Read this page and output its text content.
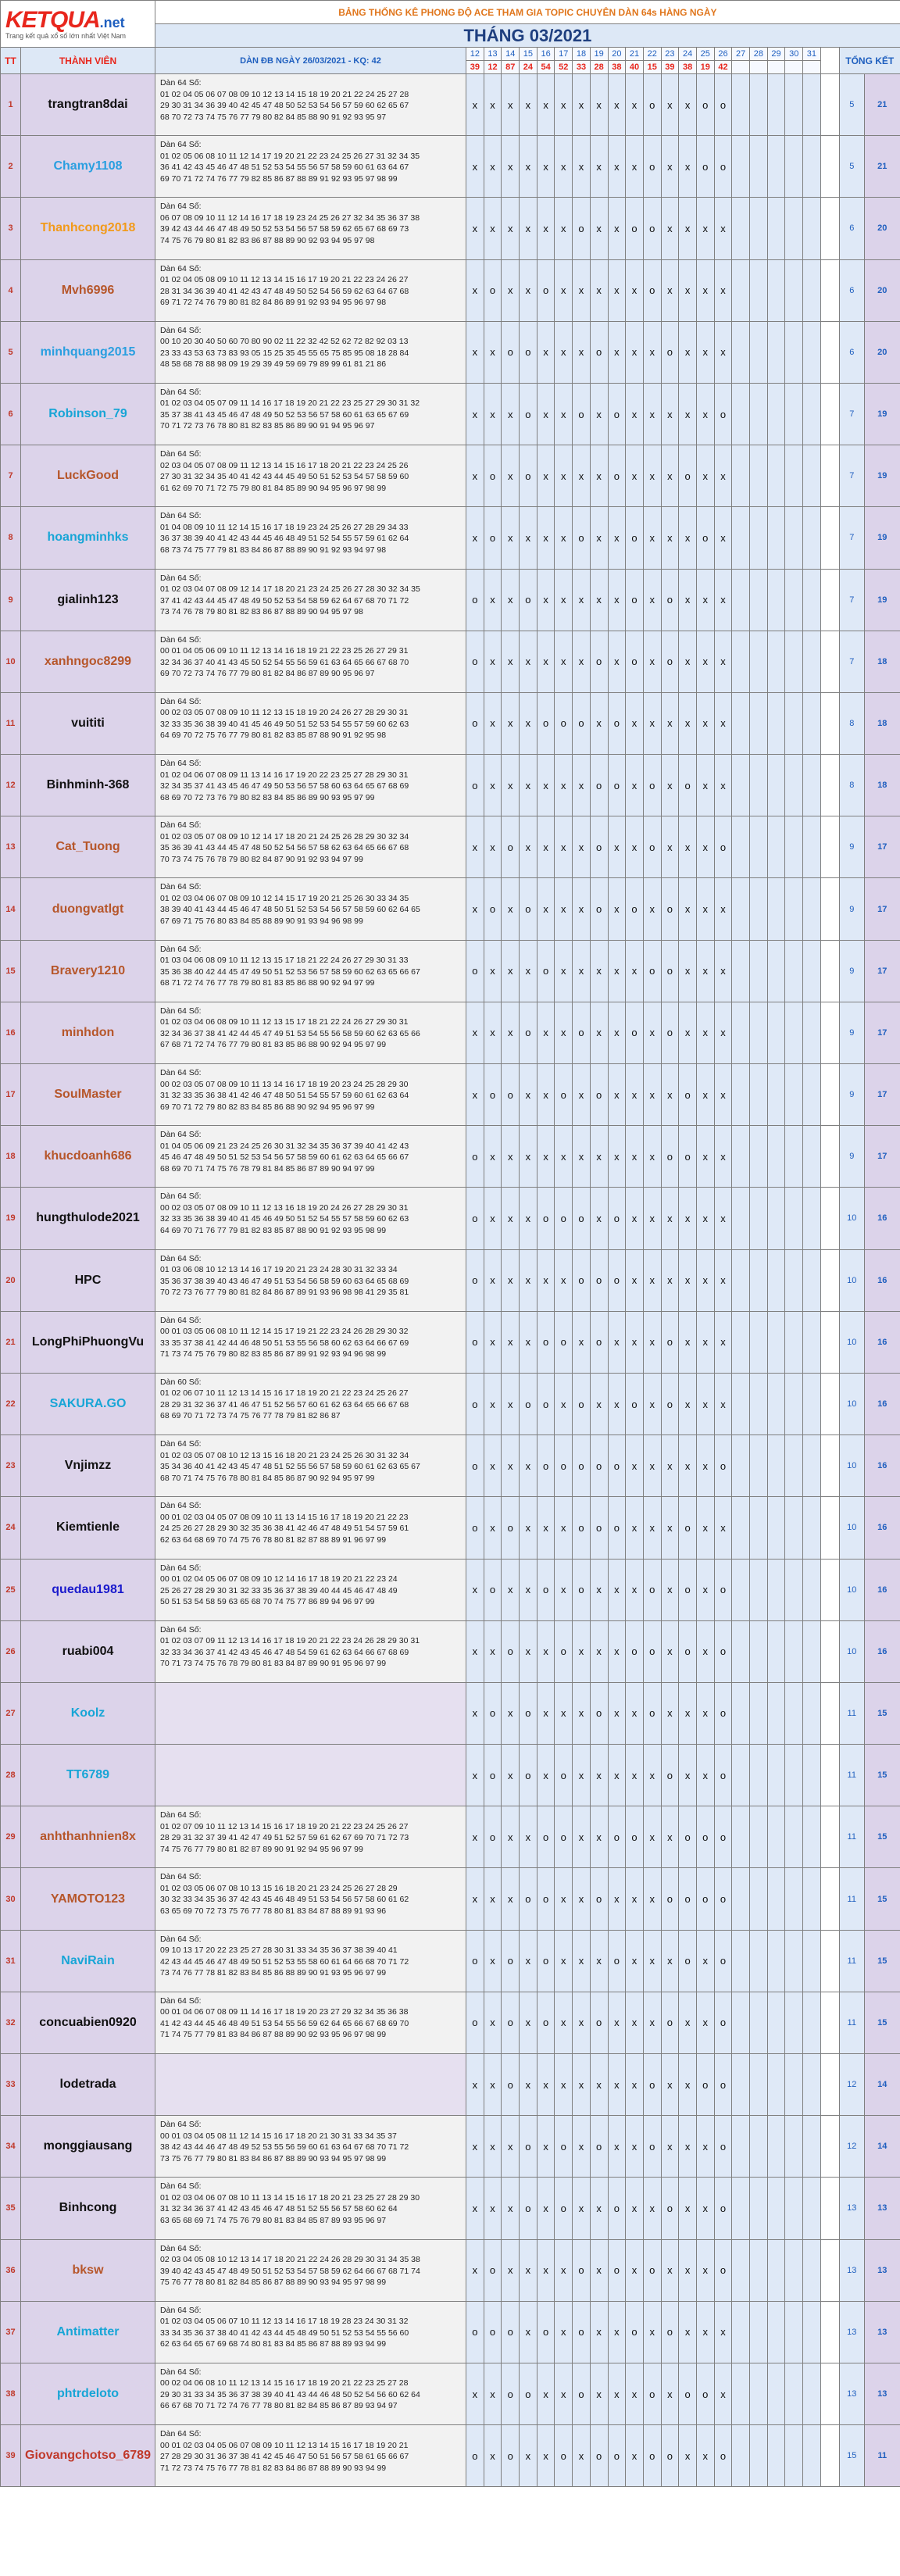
KETQUA.net
Trang kết quả xổ số lớn nhất Việt Nam		BẢNG THỐNG KÊ PHONG ĐỘ ACE THAM GIA TOPIC CHUYÊN DÀN 64s HÀNG NGÀY																							
		THÁNG 03/2021																							
TT	THÀNH VIÊN	DÀN ĐB NGÀY 26/03/2021 - KQ: 42	12	13	14	15	16	17	18	19	20	21	22	23	24	25	26	27	28	29	30	31		TỔNG KẾT	
			39	12	87	24	54	52	33	28	38	40	15	39	38	19	42								
1	trangtran8dai	Dàn 64 Số:
01 02 04 05 06 07 08 09 10 12 13 14 15 18 19 20 21 22 24 25 27 28
29 30 31 34 36 39 40 42 45 47 48 50 52 53 54 56 57 59 60 62 65 67
68 70 72 73 74 75 76 77 79 80 82 84 85 88 90 91 92 93 95 97	x	x	x	x	x	x	x	x	x	x	o	x	x	o	o							5	21
2	Chamy1108	Dàn 64 Số:
01 02 05 06 08 10 11 12 14 17 19 20 21 22 23 24 25 26 27 31 32 34 35
36 41 42 43 45 46 47 48 51 52 53 54 55 56 57 58 59 60 61 63 64 67
69 70 71 72 74 76 77 79 82 85 86 87 88 89 91 92 93 95 97 98 99	x	x	x	x	x	x	x	x	x	x	o	x	x	o	o							5	21
3	Thanhcong2018	Dàn 64 Số:
06 07 08 09 10 11 12 14 16 17 18 19 23 24 25 26 27 32 34 35 36 37 38
39 42 43 44 46 47 48 49 50 52 53 54 56 57 58 59 62 65 67 68 69 73
74 75 76 79 80 81 82 83 86 87 88 89 90 92 93 94 95 97 98	x	x	x	x	x	x	o	x	x	o	o	x	x	x	x							6	20
4	Mvh6996	Dàn 64 Số:
01 02 04 05 08 09 10 11 12 13 14 15 16 17 19 20 21 22 23 24 26 27
28 31 34 36 39 40 41 42 43 47 48 49 50 52 54 56 59 62 63 64 67 68
69 71 72 74 76 79 80 81 82 84 86 89 91 92 93 94 95 96 97 98	x	o	x	x	o	x	x	x	x	x	o	x	x	x	x							6	20
5	minhquang2015	Dàn 64 Số:
00 10 20 30 40 50 60 70 80 90 02 11 22 32 42 52 62 72 82 92 03 13
23 33 43 53 63 73 83 93 05 15 25 35 45 55 65 75 85 95 08 18 28 84
48 58 68 78 88 98 09 19 29 39 49 59 69 79 89 99 61 81 21 86	x	x	o	o	x	x	x	o	x	x	x	o	x	x	x							6	20
6	Robinson_79	Dàn 64 Số:
01 02 03 04 05 07 09 11 14 16 17 18 19 20 21 22 23 25 27 29 30 31 32
35 37 38 41 43 45 46 47 48 49 50 52 53 56 57 58 60 61 63 65 67 69
70 71 72 73 76 78 80 81 82 83 85 86 89 90 91 94 95 96 97	x	x	x	o	x	x	o	x	o	x	x	x	x	x	o							7	19
7	LuckGood	Dàn 64 Số:
02 03 04 05 07 08 09 11 12 13 14 15 16 17 18 20 21 22 23 24 25 26
27 30 31 32 34 35 40 41 42 43 44 45 49 50 51 52 53 54 57 58 59 60
61 62 69 70 71 72 75 79 80 81 84 85 89 90 94 95 96 97 98 99	x	o	x	o	x	x	x	x	o	x	x	x	o	x	x							7	19
8	hoangminhks	Dàn 64 Số:
01 04 08 09 10 11 12 14 15 16 17 18 19 23 24 25 26 27 28 29 34 33
36 37 38 39 40 41 42 43 44 45 46 48 49 51 52 54 55 57 59 61 62 64
68 73 74 75 77 79 81 83 84 86 87 88 89 90 91 92 93 94 97 98	x	o	x	x	x	x	o	x	x	o	x	x	x	o	x							7	19
9	gialinh123	Dàn 64 Số:
01 02 03 04 07 08 09 12 14 17 18 20 21 23 24 25 26 27 28 30 32 34 35
37 41 42 43 44 45 47 48 49 50 52 53 54 58 59 62 64 67 68 70 71 72
73 74 76 78 79 80 81 82 83 86 87 88 89 90 94 95 97 98	o	x	x	o	x	x	x	x	x	o	x	o	x	x	x							7	19
10	xanhngoc8299	Dàn 64 Số:
00 01 04 05 06 09 10 11 12 13 14 16 18 19 21 22 23 25 26 27 29 31
32 34 36 37 40 41 43 45 50 52 54 55 56 59 61 63 64 65 66 67 68 70
69 70 72 73 74 76 77 79 80 81 82 84 86 87 89 90 95 96 97	o	x	x	x	x	x	x	o	x	o	x	o	x	x	x							7	18
11	vuititi	Dàn 64 Số:
00 02 03 05 07 08 09 10 11 12 13 15 18 19 20 24 26 27 28 29 30 31
32 33 35 36 38 39 40 41 45 46 49 50 51 52 53 54 55 57 59 60 62 63
64 69 70 72 75 76 77 79 80 81 82 83 85 87 88 90 91 92 95 98	o	x	x	x	o	o	o	x	o	x	x	x	x	x	x							8	18
12	Binhminh-368	Dàn 64 Số:
01 02 04 06 07 08 09 11 13 14 16 17 19 20 22 23 25 27 28 29 30 31
32 34 35 37 41 43 45 46 47 49 50 53 56 57 58 60 63 64 65 67 68 69
68 69 70 72 73 76 79 80 82 83 84 85 86 89 90 93 95 97 99	o	x	x	x	x	x	x	o	o	x	o	x	o	x	x							8	18
13	Cat_Tuong	Dàn 64 Số:
01 02 03 05 07 08 09 10 12 14 17 18 20 21 24 25 26 28 29 30 32 34
35 36 39 41 43 44 45 47 48 50 52 54 56 57 58 62 63 64 65 66 67 68
70 73 74 75 76 78 79 80 82 84 87 90 91 92 93 94 97 99	x	x	o	x	x	x	x	o	x	x	o	x	x	x	o							9	17
14	duongvatlgt	Dàn 64 Số:
01 02 03 04 06 07 08 09 10 12 14 15 17 19 20 21 25 26 30 33 34 35
38 39 40 41 43 44 45 46 47 48 50 51 52 53 54 56 57 58 59 60 62 64 65
67 69 71 75 76 80 83 84 85 88 89 90 91 93 94 96 98 99	x	o	x	o	x	x	x	o	x	o	x	o	x	x	x							9	17
15	Bravery1210	Dàn 64 Số:
01 03 04 06 08 09 10 11 12 13 15 17 18 21 22 24 26 27 29 30 31 33
35 36 38 40 42 44 45 47 49 50 51 52 53 56 57 58 59 60 62 63 65 66 67
68 71 72 74 76 77 78 79 80 81 83 85 86 88 90 92 94 97 99	o	x	x	x	o	x	x	x	x	x	o	o	x	x	x							9	17
16	minhdon	Dàn 64 Số:
01 02 03 04 06 08 09 10 11 12 13 15 17 18 21 22 24 26 27 29 30 31
32 34 36 37 38 41 42 44 45 47 49 51 53 54 55 56 58 59 60 62 63 65 66
67 68 71 72 74 76 77 79 80 81 83 85 86 88 90 92 94 95 97 99	x	x	x	o	x	x	o	x	x	o	x	o	x	x	x							9	17
17	SoulMaster	Dàn 64 Số:
00 02 03 05 07 08 09 10 11 13 14 16 17 18 19 20 23 24 25 28 29 30
31 32 33 35 36 38 41 42 46 47 48 50 51 54 55 57 59 60 61 62 63 64
69 70 71 72 79 80 82 83 84 85 86 88 90 92 94 95 96 97 99	x	o	o	x	x	o	x	o	x	x	x	x	o	x	x							9	17
18	khucdoanh686	Dàn 64 Số:
01 04 05 06 09 21 23 24 25 26 30 31 32 34 35 36 37 39 40 41 42 43
45 46 47 48 49 50 51 52 53 54 56 57 58 59 60 61 62 63 64 65 66 67
68 69 70 71 74 75 76 78 79 81 84 85 86 87 89 90 94 97 99	o	x	x	x	x	x	x	x	x	x	x	o	o	x	x							9	17
19	hungthulode2021	Dàn 64 Số:
00 02 03 05 07 08 09 10 11 12 13 16 18 19 20 24 26 27 28 29 30 31
32 33 35 36 38 39 40 41 45 46 49 50 51 52 54 55 57 58 59 60 62 63
64 69 70 71 76 77 79 81 82 83 85 87 88 90 91 92 93 95 98 99	o	x	x	x	o	o	o	x	o	x	x	x	x	x	x							10	16
20	HPC	Dàn 64 Số:
01 03 06 08 10 12 13 14 16 17 19 20 21 23 24 28 30 31 32 33 34
35 36 37 38 39 40 43 46 47 49 51 53 54 56 58 59 60 63 64 65 68 69
70 72 73 76 77 79 80 81 82 84 86 87 89 91 93 96 98 98 41 29 35 81	o	x	x	x	x	x	o	o	o	x	x	x	x	x	x							10	16
21	LongPhiPhuongVu	Dàn 64 Số:
00 01 03 05 06 08 10 11 12 14 15 17 19 21 22 23 24 26 28 29 30 32
33 35 37 38 41 42 44 46 48 50 51 53 55 56 58 60 62 63 64 66 67 69
71 73 74 75 76 79 80 82 83 85 86 87 89 91 92 93 94 96 98 99	o	x	x	x	o	o	x	o	x	x	x	o	x	x	x							10	16
22	SAKURA.GO	Dàn 60 Số:
01 02 06 07 10 11 12 13 14 15 16 17 18 19 20 21 22 23 24 25 26 27
28 29 31 32 36 37 41 46 47 51 52 56 57 60 61 62 63 64 65 66 67 68
68 69 70 71 72 73 74 75 76 77 78 79 81 82 86 87	o	x	x	o	o	x	o	x	x	o	x	o	x	x	x							10	16
23	Vnjimzz	Dàn 64 Số:
01 02 03 05 07 08 10 12 13 15 16 18 20 21 23 24 25 26 30 31 32 34
35 34 36 40 41 42 43 45 47 48 51 52 55 56 57 58 59 60 61 62 63 65 67
68 70 71 74 75 76 78 80 81 84 85 86 87 90 92 94 95 97 99	o	x	x	x	o	o	o	o	o	x	x	x	x	x	o							10	16
24	Kiemtienle	Dàn 64 Số:
00 01 02 03 04 05 07 08 09 10 11 13 14 15 16 17 18 19 20 21 22 23
24 25 26 27 28 29 30 32 35 36 38 41 42 46 47 48 49 51 54 57 59 61
62 63 64 68 69 70 74 75 76 78 80 81 82 87 88 89 91 96 97 99	o	x	o	x	x	x	o	o	o	x	x	x	o	x	x							10	16
25	quedau1981	Dàn 64 Số:
00 01 02 04 05 06 07 08 09 10 12 14 16 17 18 19 20 21 22 23 24
25 26 27 28 29 30 31 32 33 35 36 37 38 39 40 44 45 46 47 48 49
50 51 53 54 58 59 63 65 68 70 74 75 77 86 89 94 96 97 99	x	o	x	x	o	x	o	x	x	x	o	x	o	x	o							10	16
26	ruabi004	Dàn 64 Số:
01 02 03 07 09 11 12 13 14 16 17 18 19 20 21 22 23 24 26 28 29 30 31
32 33 34 36 37 41 42 43 45 46 47 48 54 59 61 62 63 64 66 67 68 69
70 71 73 74 75 76 78 79 80 81 83 84 87 89 90 91 95 96 97 99	x	x	o	x	x	o	x	x	x	o	o	x	o	x	o							10	16
27	Koolz		x	o	x	o	x	x	x	o	x	x	o	x	x	x	o							11	15
28	TT6789		x	o	x	o	x	o	x	x	x	x	x	o	x	x	o							11	15
29	anhthanhnien8x	Dàn 64 Số:
01 02 07 09 10 11 12 13 14 15 16 17 18 19 20 21 22 23 24 25 26 27
28 29 31 32 37 39 41 42 47 49 51 52 57 59 61 62 67 69 70 71 72 73
74 75 76 77 79 80 81 82 87 89 90 91 92 94 95 96 97 99	x	o	x	x	o	o	x	x	o	o	x	x	o	o	o							11	15
30	YAMOTO123	Dàn 64 Số:
01 02 03 05 06 07 08 10 13 15 16 18 20 21 23 24 25 26 27 28 29
30 32 33 34 35 36 37 42 43 45 46 48 49 51 53 54 56 57 58 60 61 62
63 65 69 70 72 73 75 76 77 78 80 81 83 84 87 88 89 91 93 96	x	x	x	o	o	x	x	o	x	x	x	o	o	o	o							11	15
31	NaviRain	Dàn 64 Số:
09 10 13 17 20 22 23 25 27 28 30 31 33 34 35 36 37 38 39 40 41
42 43 44 45 46 47 48 49 50 51 52 53 55 58 60 61 64 66 68 70 71 72
73 74 76 77 78 81 82 83 84 85 86 88 89 90 91 93 95 96 97 99	o	x	o	x	o	x	x	x	o	x	x	x	o	x	o							11	15
32	concuabien0920	Dàn 64 Số:
00 01 04 06 07 08 09 11 14 16 17 18 19 20 23 27 29 32 34 35 36 38
41 42 43 44 45 46 48 49 51 53 54 55 56 59 62 64 65 66 67 68 69 70
71 74 75 77 79 81 83 84 86 87 88 89 90 92 93 95 96 97 98 99	o	x	o	x	o	x	x	o	x	x	x	o	x	x	o							11	15
33	lodetrada		x	x	o	x	x	x	x	x	x	x	o	x	x	o	o							12	14
34	monggiausang	Dàn 64 Số:
00 01 03 04 05 08 11 12 14 15 16 17 18 20 21 30 31 33 34 35 37
38 42 43 44 46 47 48 49 52 53 55 56 59 60 61 63 64 67 68 70 71 72
73 75 76 77 79 80 81 83 84 86 87 88 89 90 93 94 95 97 98 99	x	x	x	o	x	o	x	o	x	x	o	x	x	x	o							12	14
35	Binhcong	Dàn 64 Số:
01 02 03 04 06 07 08 10 11 13 14 15 16 17 18 20 21 23 25 27 28 29 30
31 32 34 36 37 41 42 43 45 46 47 48 51 52 55 56 57 58 60 62 64
63 65 68 69 71 74 75 76 79 80 81 83 84 85 87 89 93 95 96 97	x	x	x	o	x	o	x	x	o	x	x	o	x	x	o							13	13
36	bksw	Dàn 64 Số:
02 03 04 05 08 10 12 13 14 17 18 20 21 22 24 26 28 29 30 31 34 35 38
39 40 42 43 45 47 48 49 50 51 52 53 54 57 58 59 62 64 66 67 68 71 74
75 76 77 78 80 81 82 84 85 86 87 88 89 90 93 94 95 97 98 99	x	o	x	x	x	x	o	x	o	x	o	x	x	x	o							13	13
37	Antimatter	Dàn 64 Số:
01 02 03 04 05 06 07 10 11 12 13 14 16 17 18 19 28 23 24 30 31 32
33 34 35 36 37 38 40 41 42 43 44 45 48 49 50 51 52 53 54 55 56 60
62 63 64 65 67 69 68 74 80 81 83 84 85 86 87 88 89 93 94 99	o	o	o	x	o	x	o	x	x	o	x	o	x	x	x							13	13
38	phtrdeloto	Dàn 64 Số:
00 02 04 06 08 10 11 12 13 14 15 16 17 18 19 20 21 22 23 25 27 28
29 30 31 33 34 35 36 37 38 39 40 41 43 44 46 48 50 52 54 56 60 62 64
66 67 68 70 71 72 74 76 77 78 80 81 82 84 85 86 87 89 93 94 97	x	x	o	o	x	x	o	x	x	x	o	x	o	o	x							13	13
39	Giovangchotso_6789	Dàn 64 Số:
00 01 02 03 04 05 06 07 08 09 10 11 12 13 14 15 16 17 18 19 20 21
27 28 29 30 31 36 37 38 41 42 45 46 47 50 51 56 57 58 61 65 66 67
71 72 73 74 75 76 77 78 81 82 83 84 86 87 88 89 90 93 94 99	o	x	o	x	x	o	x	o	o	x	o	o	x	x	o							15	11
